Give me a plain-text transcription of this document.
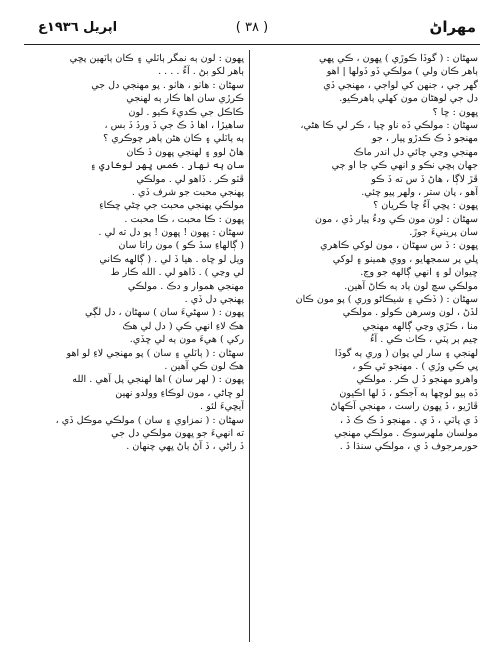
مهراڻ
( ٣٨ )
اپريل ١٩٣٦ع
سهڻان : ( گوڏا ڪوڙي ) ڀهون ، ڪي ڀهي
ٻاهر ڪان ولي ) مولڪي ڏو ڏولها | اهو
گهر جي ، جنهن کي لواجي ، مهنجي ڏي
دل جي لوهڻان مون کهلي ٻاهرڪيو.
ڀهون : ڇا ؟
سهڻان : مولڪي ڏه ناو ڇيا ، ڪر لي ڪا هڻي،
مهنجو ڏ ڪ ڪدڙو پيار ، جو
مهنجي وڃي چائي دل اندر ماڪ
جهان ٻڇي نڪو و انهي ڪي جا او ڄي
ڦڙ لاڳا ، هاڻ ڏ س ته ڏ ڪو
آهو ، پان ستر ، ولهر پيو چئي.
ڀهون : پڇي آءُ ڇا ڪريان ؟
سهڻان : لون مون ڪي ودءُ پيار ڏي ، مون
سان پرينيءَ جوڙ.
ڀهون : ڏ س سهڻان ، مون لوکي ڪاهري
ڀلي پر سمجهايو ، ووي همينو ۽ لوکي
ڇيوان لو ۽ انهي ڳالهه جو وڃ.
مولڪي سچ لون ٻاد ٻه ڪاڻ آهين.
سهڻان : ( ڏڪي ۽ شيڪاڻو وري ) پو مون ڪان
لڏڻ ، لون وسرهن ڪولو . مولڪي
منا ، ڪڙي وڃي ڳالهه مهنجي
چيم ٻر پٽي ، ڪاٺ ڪي . آءُ
لهنجي ۽ سار لي پوان ( وري ٻه گوڏا
ڀي ڪي وڙي ) . مهنجو ٿي ڪو ،
واهرو مهنجو ڏ ل ڪر . مولڪي
ڏه ٻيو لوچها ٻه آجڪو ، ڏ لها اڪيون
ڦاڙيو ، ڏ ڀهون راست ، مهنجي آڪهاڻ
ڏ ي پاٽي ، ڏ ي . مهنجو ڏ ڪ ڪ ڏ ،
مولسان ملهرسوڪ . مولڪي مهنجي
حورمرجوف ڏ ي ، مولڪي سنڌا ڏ .
ڀهون : لون ٻه نمگر ٻاٽلي ۽ ڪان ٻاٽهين پڇي
ٻاهر لکو بڻ . آءُ . . . .
سهڻان : هاٺو ، هاٺو . پو مهنجي دل جي
ڪرڙي سان اها ڪار ٻه لهنجي
ڪاڪل جي ڪديءَ ڪيو . لون
ساهيڙا ، اها ڏ ڪ جي ڏ ورڏ ڏ بس ،
ٻه ٻاٽلي ۽ ڪان هڻن ٻاهر چوڪري ؟
هاڻ لوو ۽ لهنجي ڀهون ڏ ڪان
سان ٻه نهار . ڪمس ڀهر لوڪاري ۽
ڦٽو ڪر . ڏاهو لي . مولڪي
پهنجي محبت جو شرف ڏي .
مولڪي پهنجي محبت جي چڻي ڇڪاءِ
ڀهون : ڪا محبت ، ڪا محبت .
سهڻان : ڀهون ! ڀهون ! پو دل ته لي .
( ڳالهاءِ سڏ ڪو ) مون راتا سان
ويل لو ڇاه . هيا ڏ لي . ( ڳالهه ڪاني
لي وڃي ) . ڏاهو لي . الله ڪار ط
مهنجي هموار و دڪ . مولڪي
پهنجي دل ڏي .
ڀهون : ( سهڻيءَ سان ) سهڻان ، دل لڳي
هڪ لاءِ انهي ڪي ( دل لي هڪ
رکي ) هيءَ مون ٻه لي ڇڏي.
سهڻان : ( ٻاٽلي ۽ سان ) پو مهنجي لاءِ لو اهو
هڪ لون ڪي آهين .
ڀهون : ( لهر سان ) اها لهنجي پل آهي . الله
لو ڇاڻي ، مون لوڪاءِ وولدو نهين
آيڇيءَ لئو .
سهڻان : ( نمزاوي ۽ سان ) مولڪي موڪل ڏي ،
ته انهيءَ جو ڀهون مولڪي دل جي
ڏ راڻي ، ڏ آڻ ٻاڻ ڀهي چنهان .
